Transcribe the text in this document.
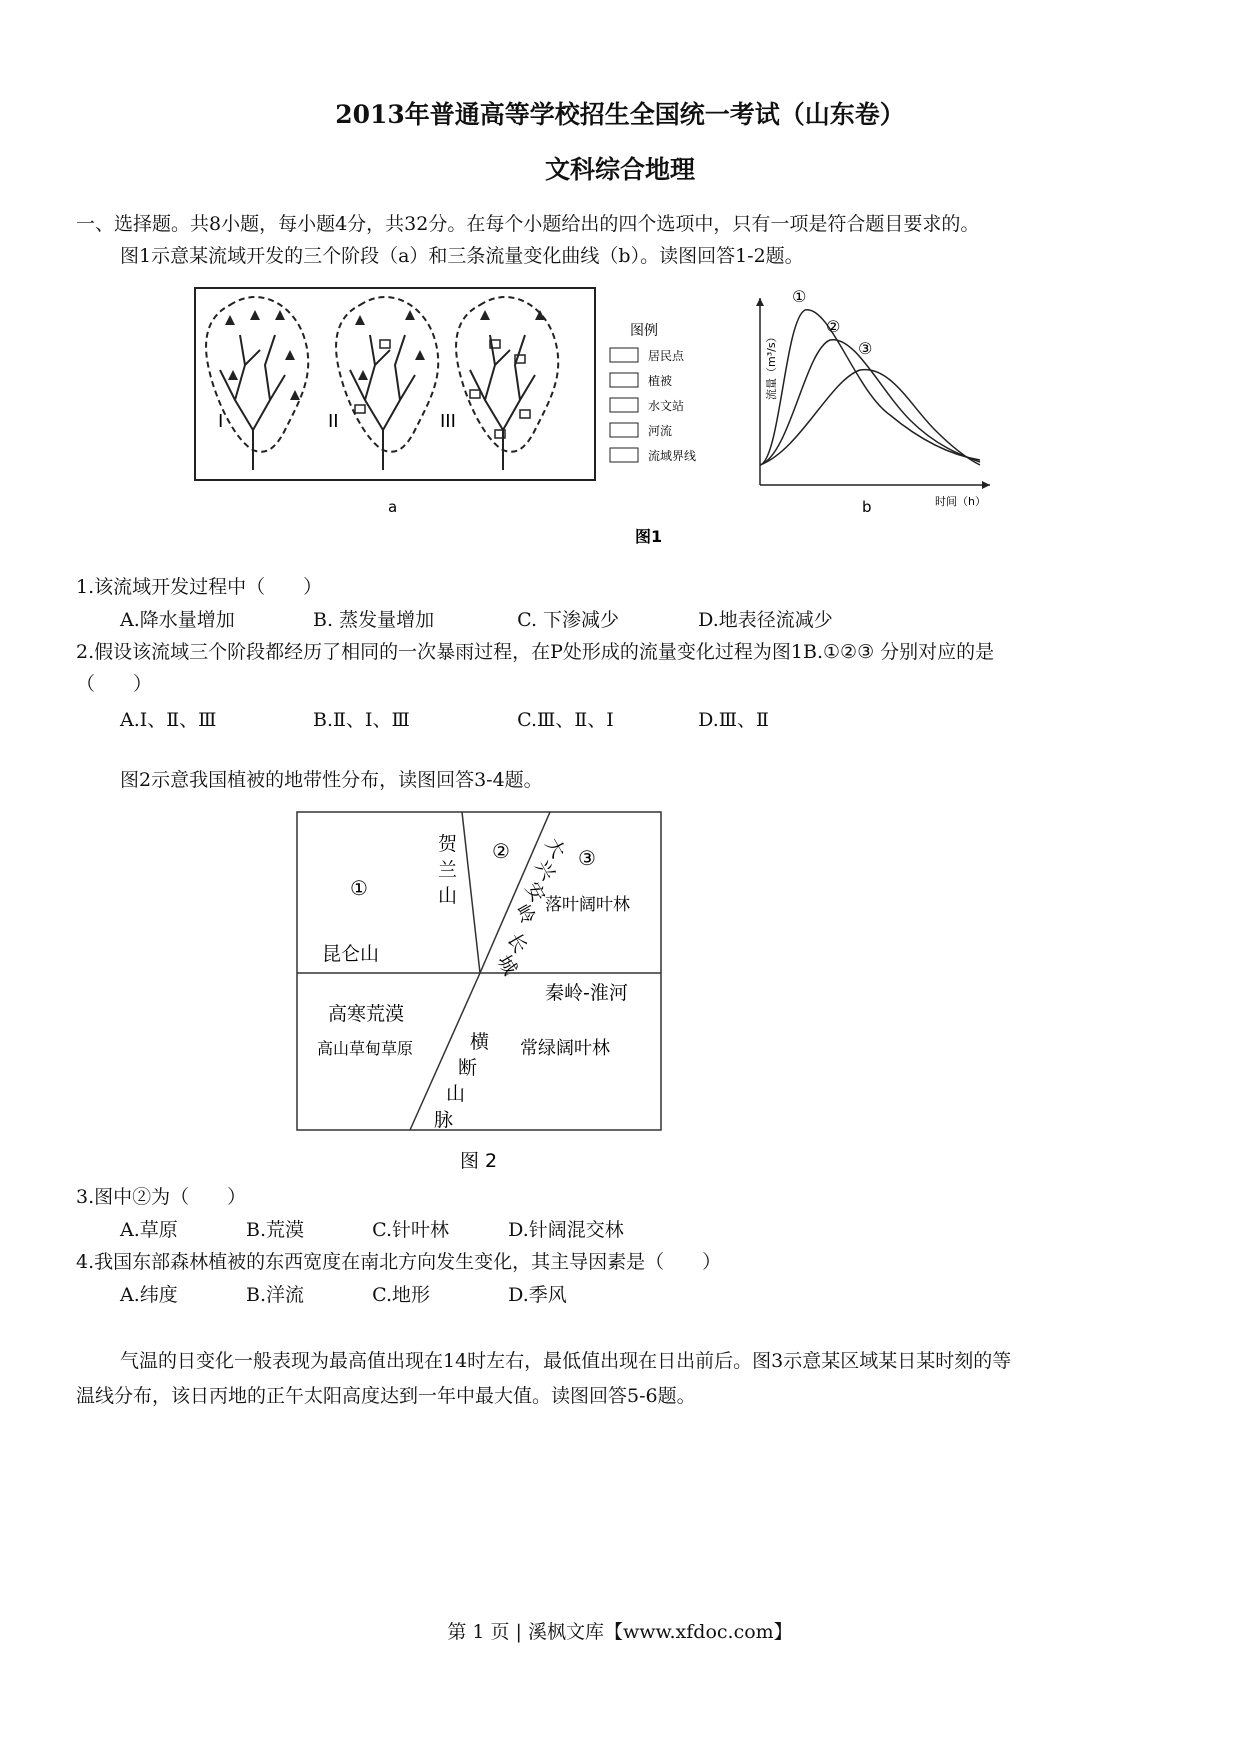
2013年普通高等学校招生全国统一考试（山东卷）
文科综合地理
一、选择题。共8小题，每小题4分，共32分。在每个小题给出的四个选项中，只有一项是符合题目要求的。
图1示意某流域开发的三个阶段（a）和三条流量变化曲线（b）。读图回答1-2题。
I	II	III
a
图例
居民点
植被
水文站
河流
流域界线
图1
流量（m³/s）
时间（h）
①
②
③
b
1.该流域开发过程中（　　）
A.降水量增加	B. 蒸发量增加	C. 下渗减少	D.地表径流减少
2.假设该流域三个阶段都经历了相同的一次暴雨过程，在P处形成的流量变化过程为图1B.①②③ 分别对应的是
（　　）
A.Ⅰ、Ⅱ、Ⅲ	B.Ⅱ、Ⅰ、Ⅲ	C.Ⅲ、Ⅱ、Ⅰ	D.Ⅲ、Ⅱ
图2示意我国植被的地带性分布，读图回答3-4题。
①
②	③
贺
兰
山
大
兴
安
岭
长
城
横
断
山
脉
昆仑山
落叶阔叶林
秦岭-淮河
高寒荒漠
高山草甸草原	常绿阔叶林
图 2
3.图中②为（　　）
A.草原	B.荒漠	C.针叶林	D.针阔混交林
4.我国东部森林植被的东西宽度在南北方向发生变化，其主导因素是（　　）
A.纬度	B.洋流	C.地形	D.季风
气温的日变化一般表现为最高值出现在14时左右，最低值出现在日出前后。图3示意某区域某日某时刻的等
温线分布，该日丙地的正午太阳高度达到一年中最大值。读图回答5-6题。
第 1 页 | 溪枫文库【www.xfdoc.com】
